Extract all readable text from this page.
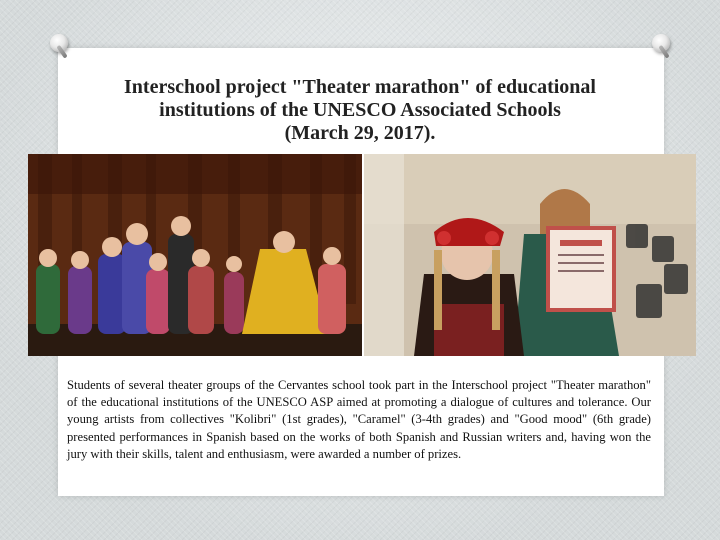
Interschool project "Theater marathon" of educational
institutions of the UNESCO Associated Schools
(March 29, 2017).

Students of several theater groups of the Cervantes school took part in the Interschool project "Theater marathon" of the educational institutions of the UNESCO ASP aimed at promoting a dialogue of cultures and tolerance. Our young artists from collectives "Kolibri" (1st grades), "Caramel" (3-4th grades) and "Good mood" (6th grade) presented performances in Spanish based on the works of both Spanish and Russian writers and, having won the jury with their skills, talent and enthusiasm, were awarded a number of prizes.
